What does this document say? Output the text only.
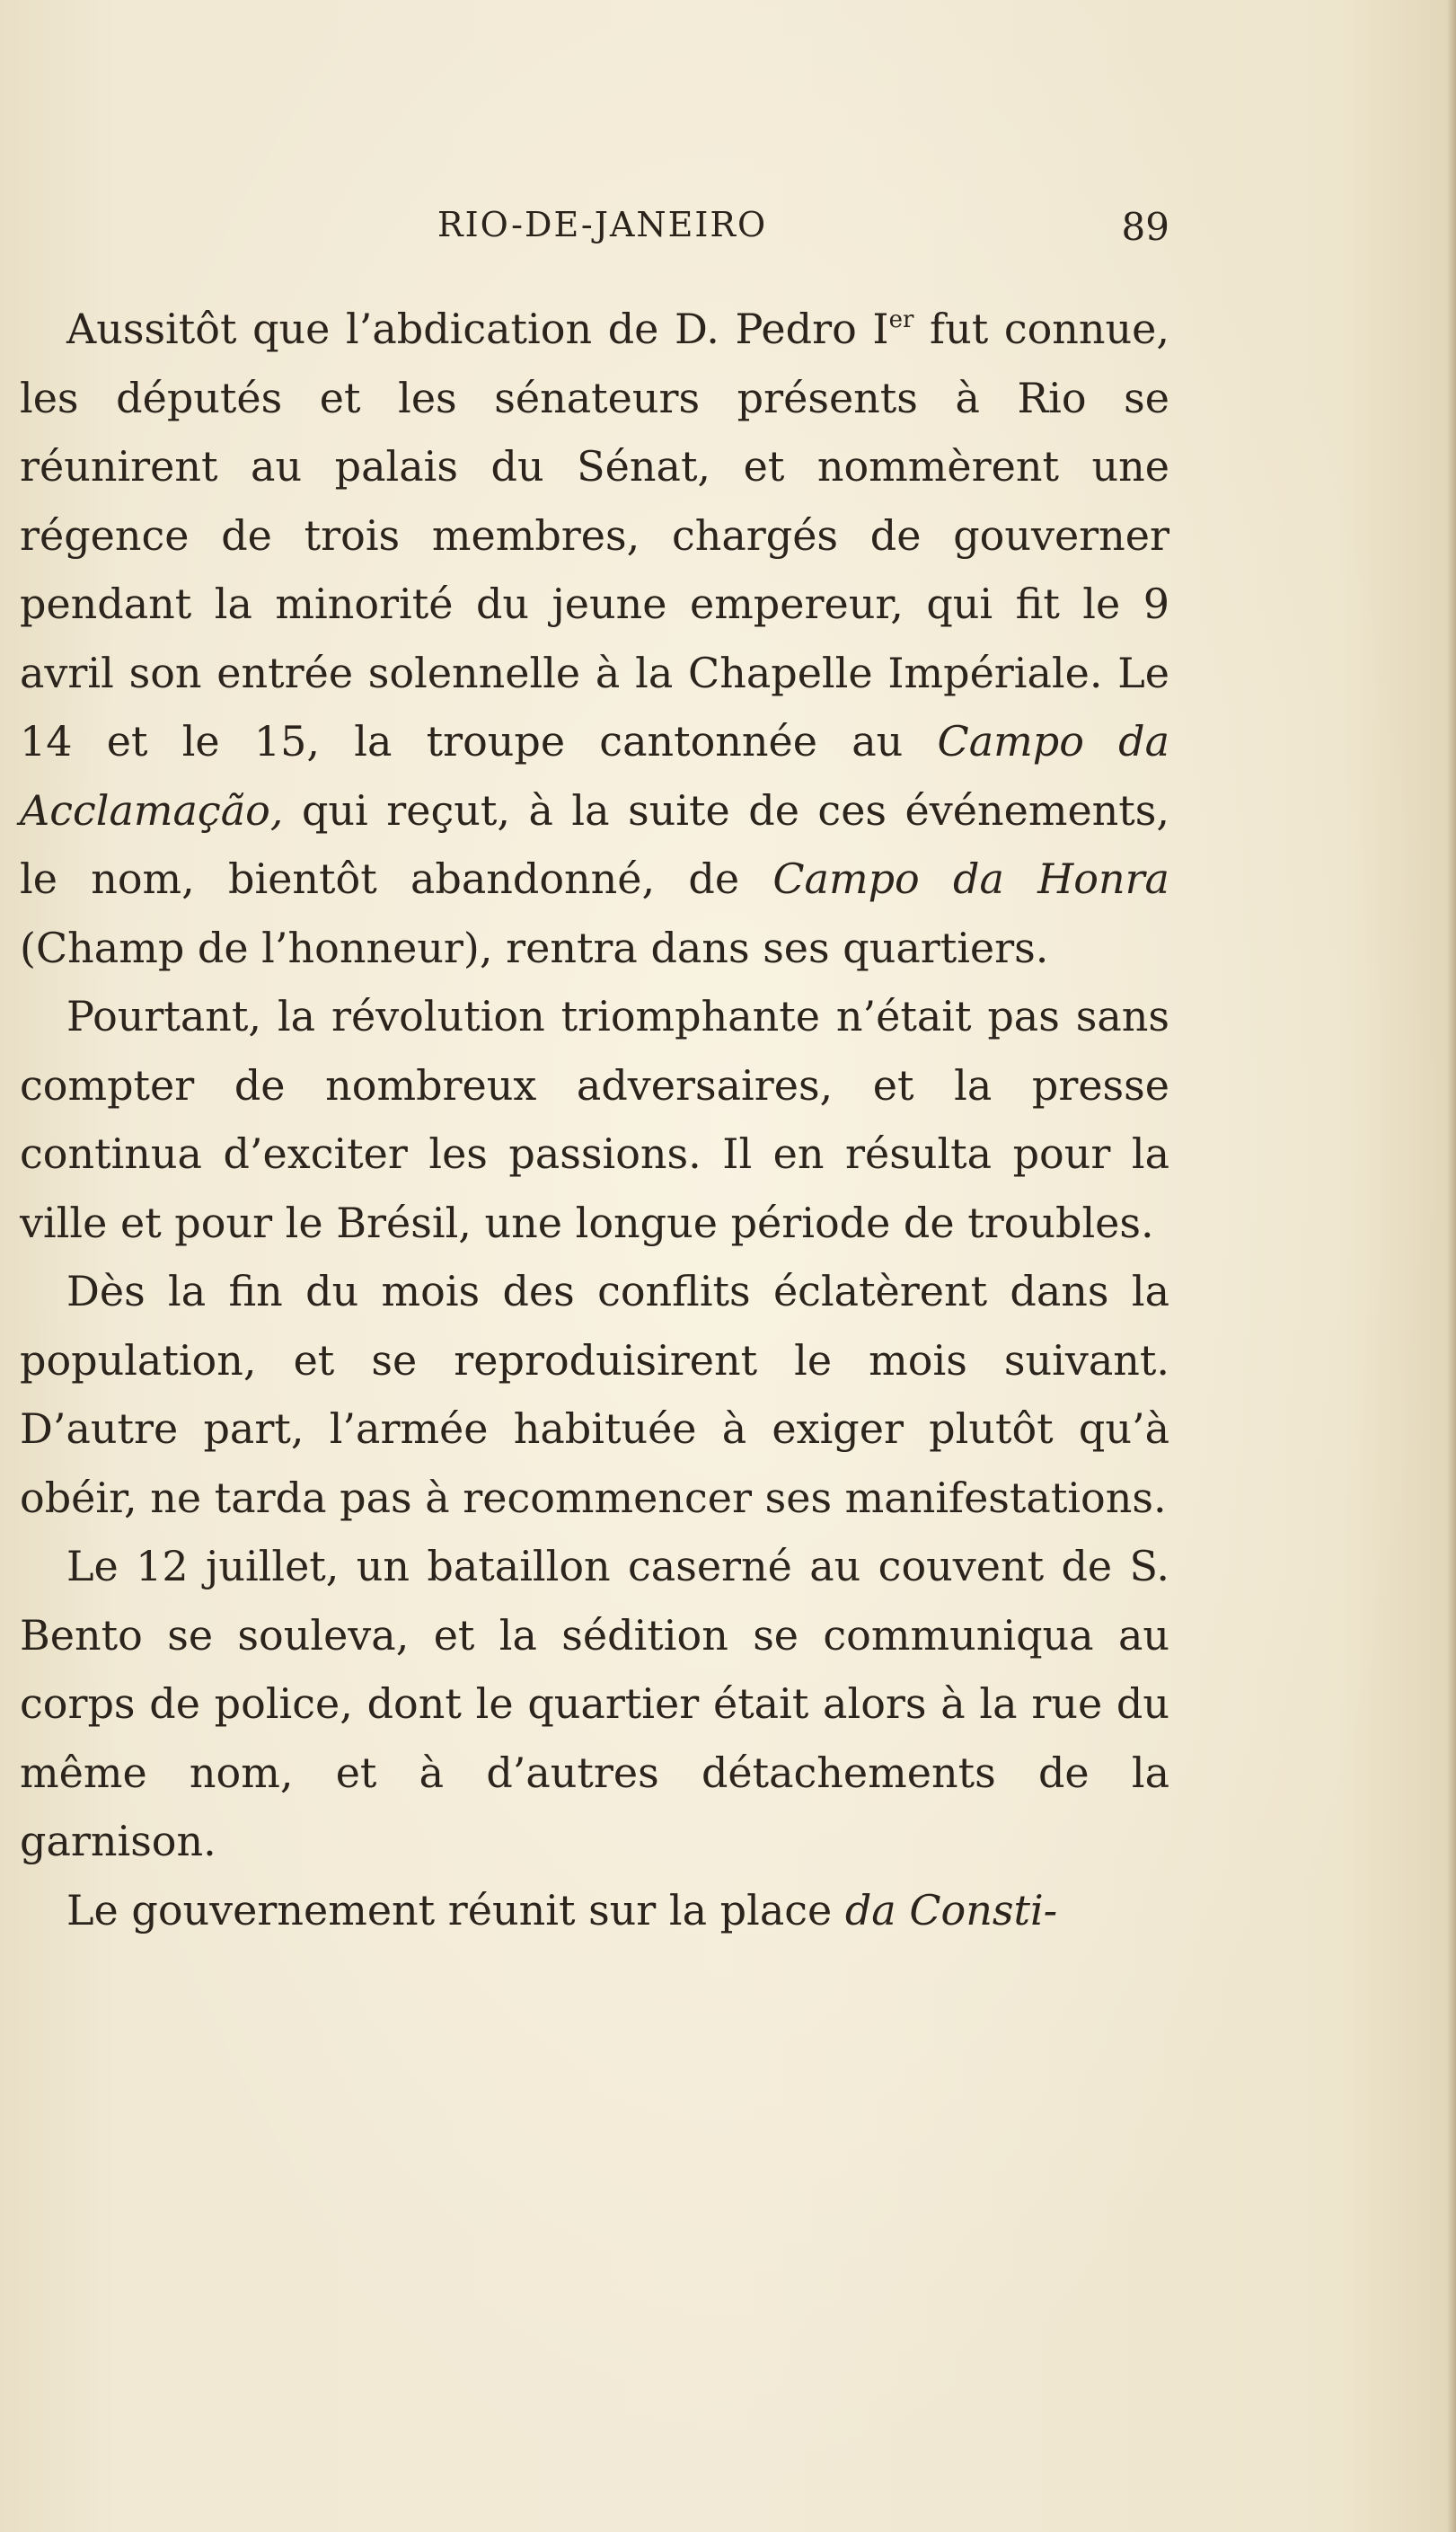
RIO-DE-JANEIRO	89

Aussitôt que l’abdication de D. Pedro Ier fut connue, les députés et les sénateurs présents à Rio se réunirent au palais du Sénat, et nommèrent une régence de trois membres, chargés de gouverner pendant la minorité du jeune empereur, qui fit le 9 avril son entrée solennelle à la Chapelle Impériale. Le 14 et le 15, la troupe cantonnée au Campo da Acclamação, qui reçut, à la suite de ces événements, le nom, bientôt abandonné, de Campo da Honra (Champ de l’honneur), rentra dans ses quartiers.

Pourtant, la révolution triomphante n’était pas sans compter de nombreux adversaires, et la presse continua d’exciter les passions. Il en résulta pour la ville et pour le Brésil, une longue période de troubles.

Dès la fin du mois des conflits éclatèrent dans la population, et se reproduisirent le mois suivant. D’autre part, l’armée habituée à exiger plutôt qu’à obéir, ne tarda pas à recommencer ses manifestations.

Le 12 juillet, un bataillon caserné au couvent de S. Bento se souleva, et la sédition se communiqua au corps de police, dont le quartier était alors à la rue du même nom, et à d’autres détachements de la garnison.

Le gouvernement réunit sur la place da Consti-
